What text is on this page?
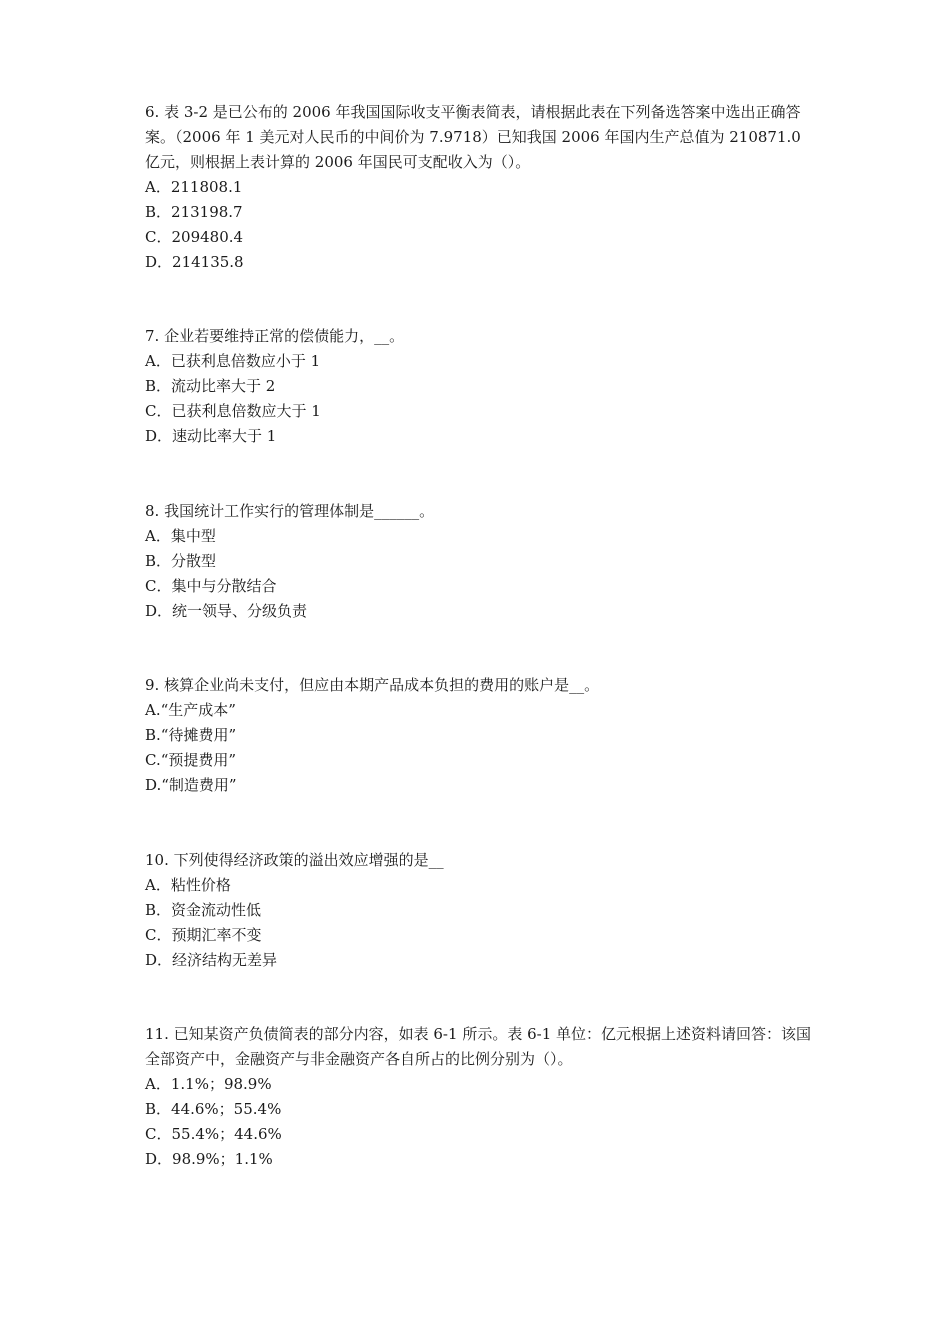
6. 表 3-2 是已公布的 2006 年我国国际收支平衡表简表，请根据此表在下列备选答案中选出正确答案。（2006 年 1 美元对人民币的中间价为 7.9718）已知我国 2006 年国内生产总值为 210871.0 亿元，则根据上表计算的 2006 年国民可支配收入为（）。

A．211808.1
B．213198.7
C．209480.4
D．214135.8

7. 企业若要维持正常的偿债能力，__。

A．已获利息倍数应小于 1
B．流动比率大于 2
C．已获利息倍数应大于 1
D．速动比率大于 1

8. 我国统计工作实行的管理体制是______。

A．集中型
B．分散型
C．集中与分散结合
D．统一领导、分级负责

9. 核算企业尚未支付，但应由本期产品成本负担的费用的账户是__。

A.“生产成本”
B.“待摊费用”
C.“预提费用”
D.“制造费用”

10. 下列使得经济政策的溢出效应增强的是__

A．粘性价格
B．资金流动性低
C．预期汇率不变
D．经济结构无差异

11. 已知某资产负债简表的部分内容，如表 6-1 所示。表 6-1 单位：亿元根据上述资料请回答：该国全部资产中，金融资产与非金融资产各自所占的比例分别为（）。

A．1.1%；98.9%
B．44.6%；55.4%
C．55.4%；44.6%
D．98.9%；1.1%
